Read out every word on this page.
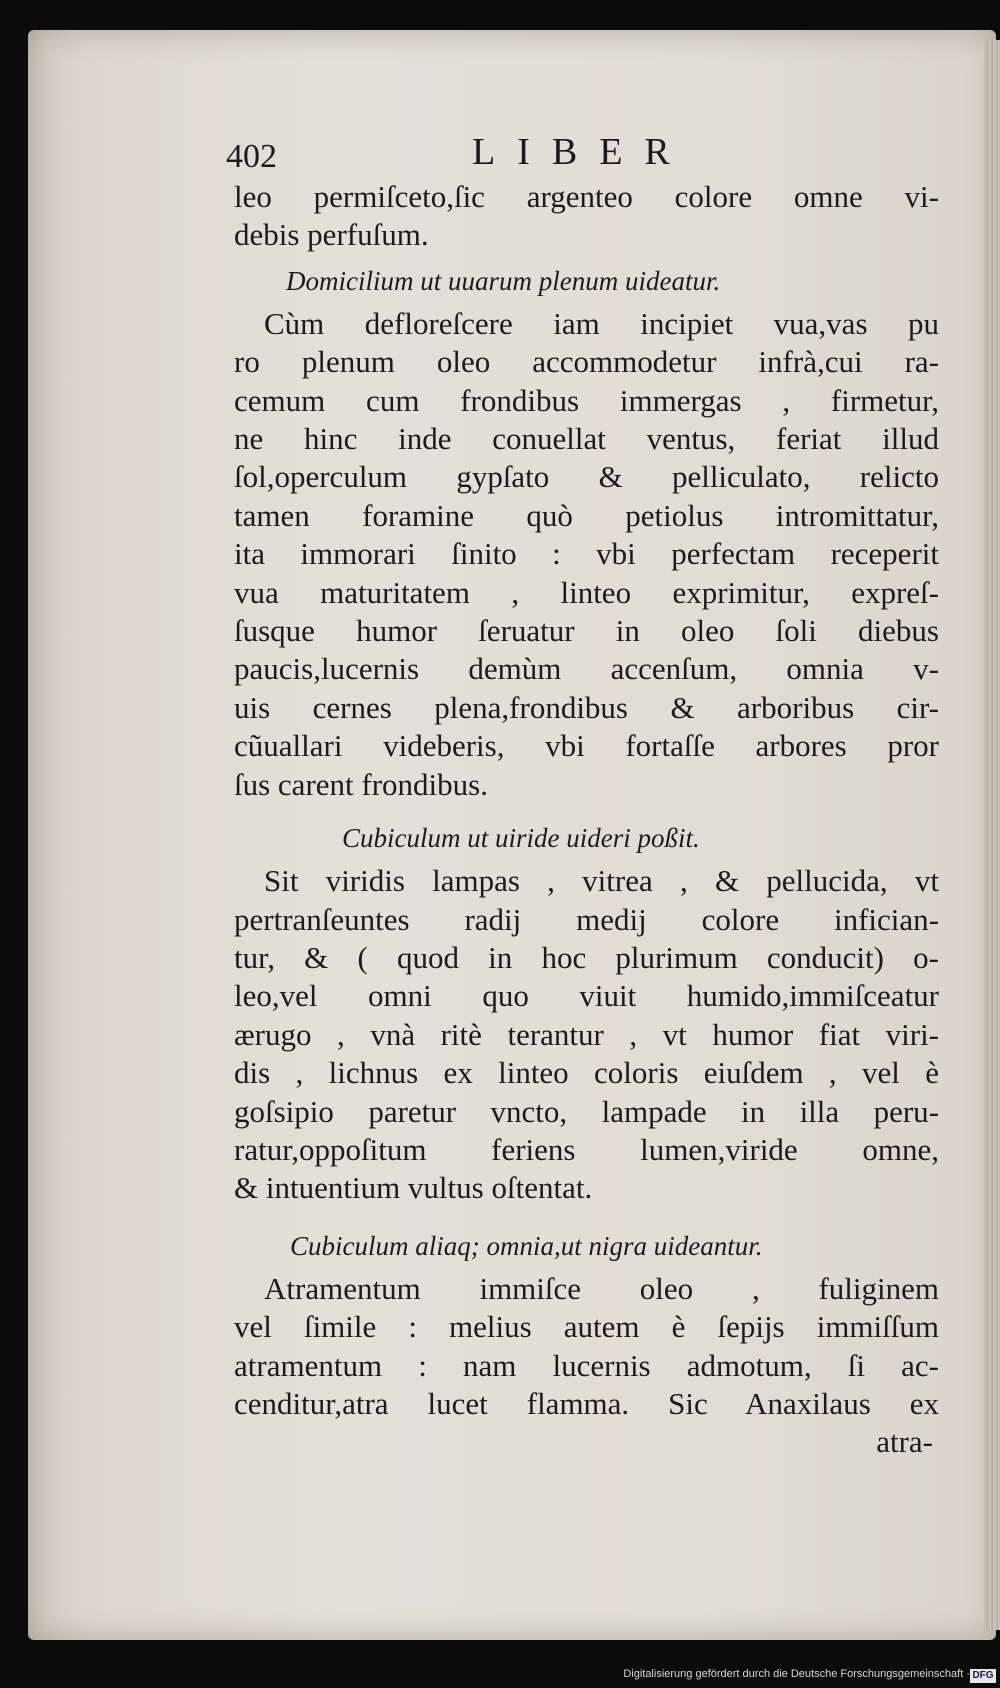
402	LIBER
leo permiſceto,ſic argenteo colore omne vi-
debis perfuſum.
Domicilium ut uuarum plenum uideatur.
Cùm defloreſcere iam incipiet vua,vas pu
ro plenum oleo accommodetur infrà,cui ra-
cemum cum frondibus immergas , firmetur,
ne hinc inde conuellat ventus, feriat illud
ſol,operculum gypſato & pelliculato, relicto
tamen foramine quò petiolus intromittatur,
ita immorari ſinito : vbi perfectam receperit
vua maturitatem , linteo exprimitur, expreſ-
ſusque humor ſeruatur in oleo ſoli diebus
paucis,lucernis demùm accenſum, omnia v-
uis cernes plena,frondibus & arboribus cir-
cũuallari videberis, vbi fortaſſe arbores pror
ſus carent frondibus.
Cubiculum ut uiride uideri poßit.
Sit viridis lampas , vitrea , & pellucida, vt
pertranſeuntes radij medij colore infician-
tur, & ( quod in hoc plurimum conducit) o-
leo,vel omni quo viuit humido,immiſceatur
ærugo , vnà ritè terantur , vt humor fiat viri-
dis , lichnus ex linteo coloris eiuſdem , vel è
goſsipio paretur vncto, lampade in illa peru-
ratur,oppoſitum feriens lumen,viride omne,
& intuentium vultus oſtentat.
Cubiculum aliaq; omnia,ut nigra uideantur.
Atramentum immiſce oleo , fuliginem
vel ſimile : melius autem è ſepijs immiſſum
atramentum : nam lucernis admotum, ſi ac-
cenditur,atra lucet flamma. Sic Anaxilaus ex
atra-
Digitalisierung gefördert durch die Deutsche Forschungsgemeinschaft · DFG
